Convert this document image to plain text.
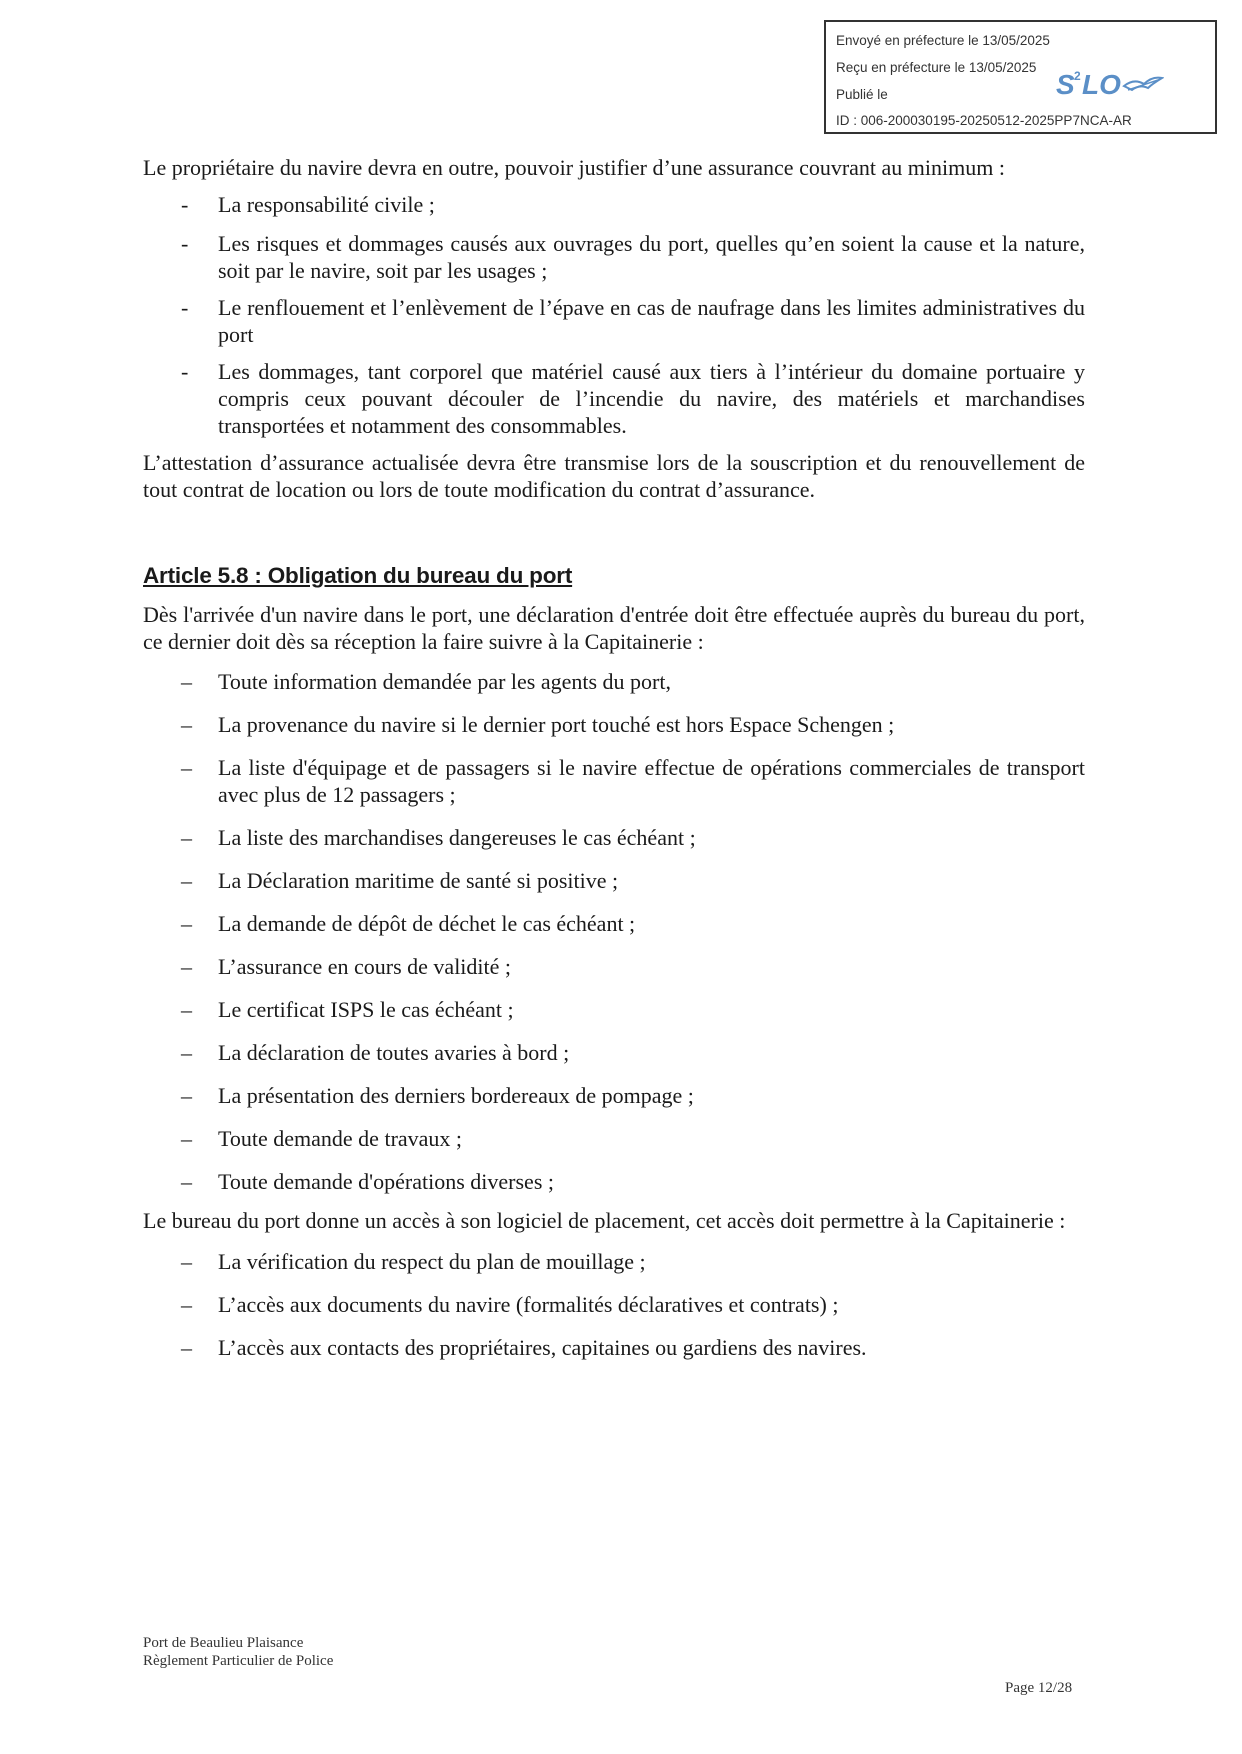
Envoyé en préfecture le 13/05/2025
Reçu en préfecture le 13/05/2025
Publié le
ID : 006-200030195-20250512-2025PP7NCA-AR
S 2 LO

Le propriétaire du navire devra en outre, pouvoir justifier d’une assurance couvrant au minimum :

-	La responsabilité civile ;
-	Les risques et dommages causés aux ouvrages du port, quelles qu’en soient la cause et la nature, soit par le navire, soit par les usages ;
-	Le renflouement et l’enlèvement de l’épave en cas de naufrage dans les limites administratives du port
-	Les dommages, tant corporel que matériel causé aux tiers à l’intérieur du domaine portuaire y compris ceux pouvant découler de l’incendie du navire, des matériels et marchandises transportées et notamment des consommables.

L’attestation d’assurance actualisée devra être transmise lors de la souscription et du renouvellement de tout contrat de location ou lors de toute modification du contrat d’assurance.

Article 5.8 : Obligation du bureau du port

Dès l'arrivée d'un navire dans le port, une déclaration d'entrée doit être effectuée auprès du bureau du port, ce dernier doit dès sa réception la faire suivre à la Capitainerie :

–	Toute information demandée par les agents du port,
–	La provenance du navire si le dernier port touché est hors Espace Schengen ;
–	La liste d'équipage et de passagers si le navire effectue de opérations commerciales de transport avec plus de 12 passagers ;
–	La liste des marchandises dangereuses le cas échéant ;
–	La Déclaration maritime de santé si positive ;
–	La demande de dépôt de déchet le cas échéant ;
–	L’assurance en cours de validité ;
–	Le certificat ISPS le cas échéant ;
–	La déclaration de toutes avaries à bord ;
–	La présentation des derniers bordereaux de pompage ;
–	Toute demande de travaux ;
–	Toute demande d'opérations diverses ;

Le bureau du port donne un accès à son logiciel de placement, cet accès doit permettre à la Capitainerie :

–	La vérification du respect du plan de mouillage ;
–	L’accès aux documents du navire (formalités déclaratives et contrats) ;
–	L’accès aux contacts des propriétaires, capitaines ou gardiens des navires.
Port de Beaulieu Plaisance
Règlement Particulier de Police
Page 12/28
